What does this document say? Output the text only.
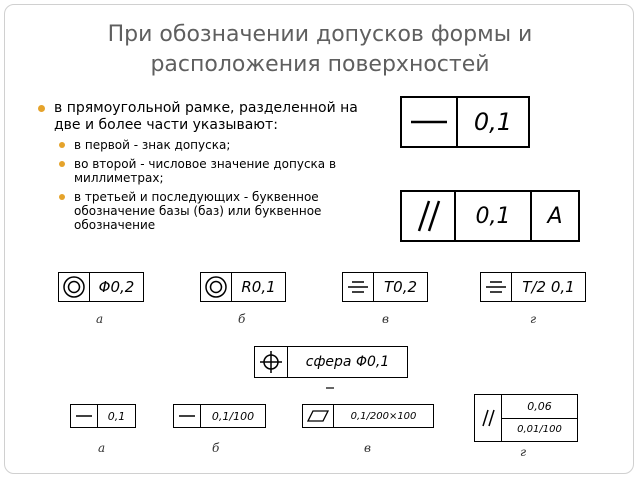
При обозначении допусков формы и расположения поверхностей
в прямоугольной рамке, разделенной на две и более части указывают:
в первой - знак допуска;
во второй - числовое значение допуска в миллиметрах;
в третьей и последующих - буквенное обозначение базы (баз) или буквенное обозначение
0,1
0,1	A
Φ0,2
а
R0,1
б
T0,2
в
T/2 0,1
г
сфера Φ0,1
0,1
а
0,1/100
б
0,1/200×100
в
0,06
0,01/100
г
